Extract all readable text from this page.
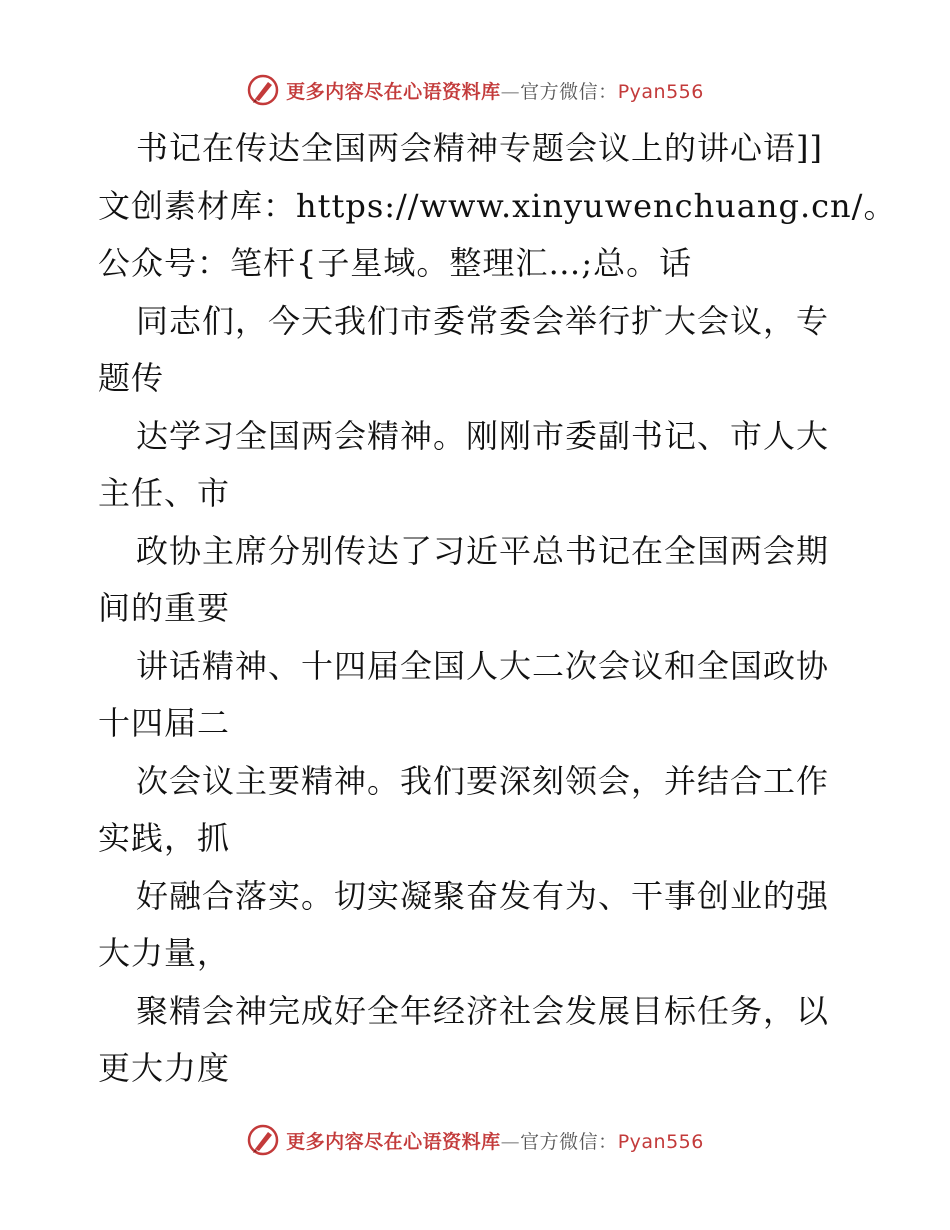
更多内容尽在心语资料库—官方微信：Pyan556
书记在传达全国两会精神专题会议上的讲心语]]
文创素材库：https://www.xinyuwenchuang.cn/。
公众号：笔杆{子星域。整理汇…;总。话
同志们，今天我们市委常委会举行扩大会议，专
题传
达学习全国两会精神。刚刚市委副书记、市人大
主任、市
政协主席分别传达了习近平总书记在全国两会期
间的重要
讲话精神、十四届全国人大二次会议和全国政协
十四届二
次会议主要精神。我们要深刻领会，并结合工作
实践，抓
好融合落实。切实凝聚奋发有为、干事创业的强
大力量，
聚精会神完成好全年经济社会发展目标任务，以
更大力度
更多内容尽在心语资料库—官方微信：Pyan556
